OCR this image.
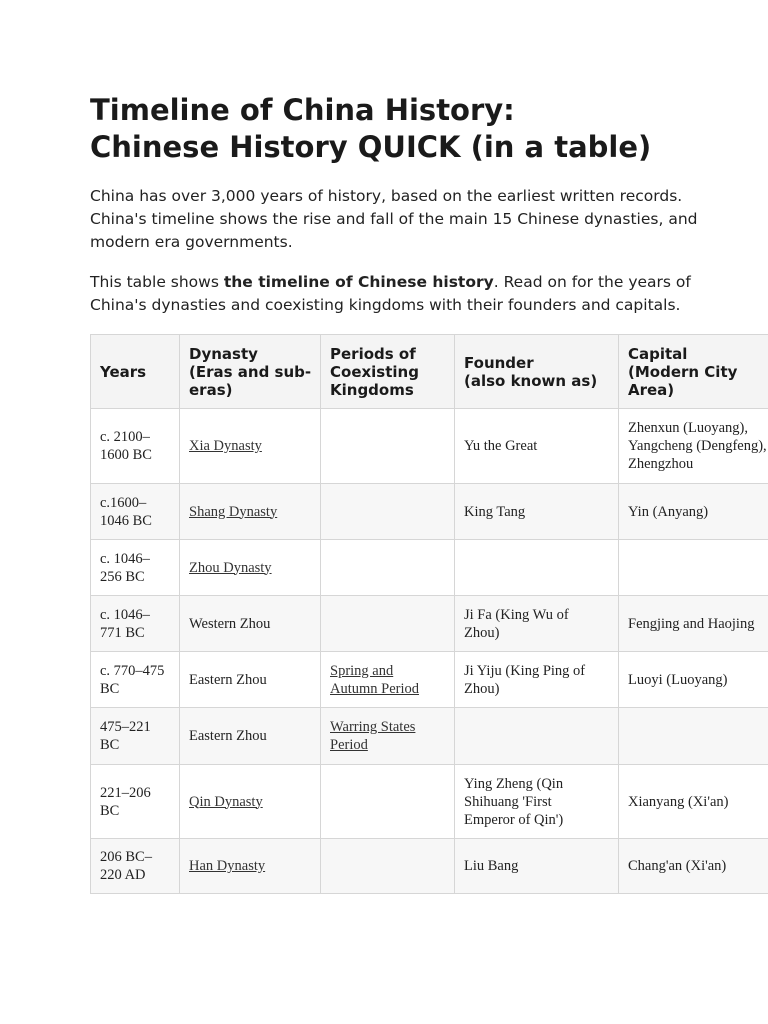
Timeline of China History:
Chinese History QUICK (in a table)

China has over 3,000 years of history, based on the earliest written records.
China's timeline shows the rise and fall of the main 15 Chinese dynasties, and
modern era governments.

This table shows the timeline of Chinese history. Read on for the years of
China's dynasties and coexisting kingdoms with their founders and capitals.

Years	Dynasty
(Eras and sub-
eras)	Periods of
Coexisting
Kingdoms	Founder
(also known as)	Capital
(Modern City
Area)

c. 2100–
1600 BC	Xia Dynasty		Yu the Great	Zhenxun (Luoyang),
Yangcheng (Dengfeng),
Zhengzhou

c.1600–
1046 BC	Shang Dynasty		King Tang	Yin (Anyang)

c. 1046–
256 BC	Zhou Dynasty			

c. 1046–
771 BC	Western Zhou		Ji Fa (King Wu of
Zhou)	Fengjing and Haojing

c. 770–475
BC	Eastern Zhou	Spring and
Autumn Period	Ji Yiju (King Ping of
Zhou)	Luoyi (Luoyang)

475–221
BC	Eastern Zhou	Warring States
Period		

221–206
BC	Qin Dynasty		Ying Zheng (Qin
Shihuang 'First
Emperor of Qin')	Xianyang (Xi'an)

206 BC–
220 AD	Han Dynasty		Liu Bang	Chang'an (Xi'an)
